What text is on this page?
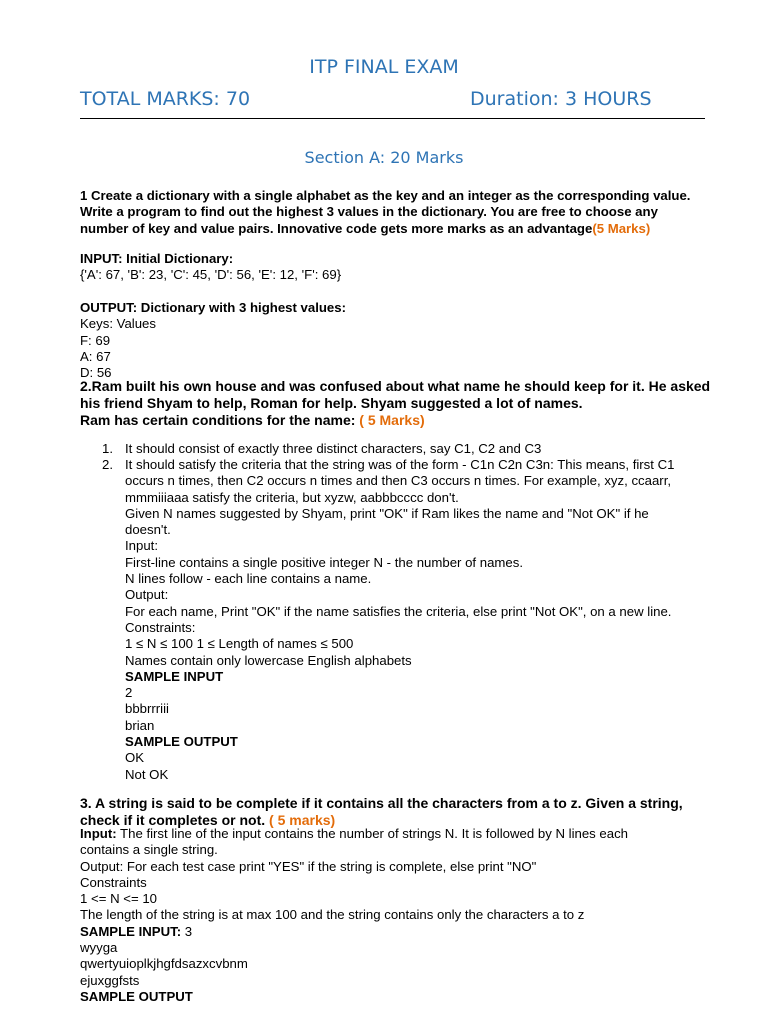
ITP FINAL EXAM
TOTAL MARKS: 70	Duration: 3 HOURS
Section A: 20 Marks
1 Create a dictionary with a single alphabet as the key and an integer as the corresponding value.
Write a program to find out the highest 3 values in the dictionary. You are free to choose any
number of key and value pairs. Innovative code gets more marks as an advantage(5 Marks)
INPUT: Initial Dictionary:
{'A': 67, 'B': 23, 'C': 45, 'D': 56, 'E': 12, 'F': 69}
OUTPUT: Dictionary with 3 highest values:
Keys: Values
F: 69
A: 67
D: 56
2.Ram built his own house and was confused about what name he should keep for it. He asked
his friend Shyam to help, Roman for help. Shyam suggested a lot of names.
Ram has certain conditions for the name: ( 5 Marks)
1. It should consist of exactly three distinct characters, say C1, C2 and C3
2. It should satisfy the criteria that the string was of the form - C1n C2n C3n: This means, first C1
occurs n times, then C2 occurs n times and then C3 occurs n times. For example, xyz, ccaarr,
mmmiiiaaa satisfy the criteria, but xyzw, aabbbcccc don't.
Given N names suggested by Shyam, print "OK" if Ram likes the name and "Not OK" if he
doesn't.
Input:
First-line contains a single positive integer N - the number of names.
N lines follow - each line contains a name.
Output:
For each name, Print "OK" if the name satisfies the criteria, else print "Not OK", on a new line.
Constraints:
1 ≤ N ≤ 100 1 ≤ Length of names ≤ 500
Names contain only lowercase English alphabets
SAMPLE INPUT
2
bbbrrriii
brian
SAMPLE OUTPUT
OK
Not OK
3. A string is said to be complete if it contains all the characters from a to z. Given a string,
check if it completes or not. ( 5 marks)
Input: The first line of the input contains the number of strings N. It is followed by N lines each
contains a single string.
Output: For each test case print "YES" if the string is complete, else print "NO"
Constraints
1 <= N <= 10
The length of the string is at max 100 and the string contains only the characters a to z
SAMPLE INPUT: 3
wyyga
qwertyuioplkjhgfdsazxcvbnm
ejuxggfsts
SAMPLE OUTPUT
